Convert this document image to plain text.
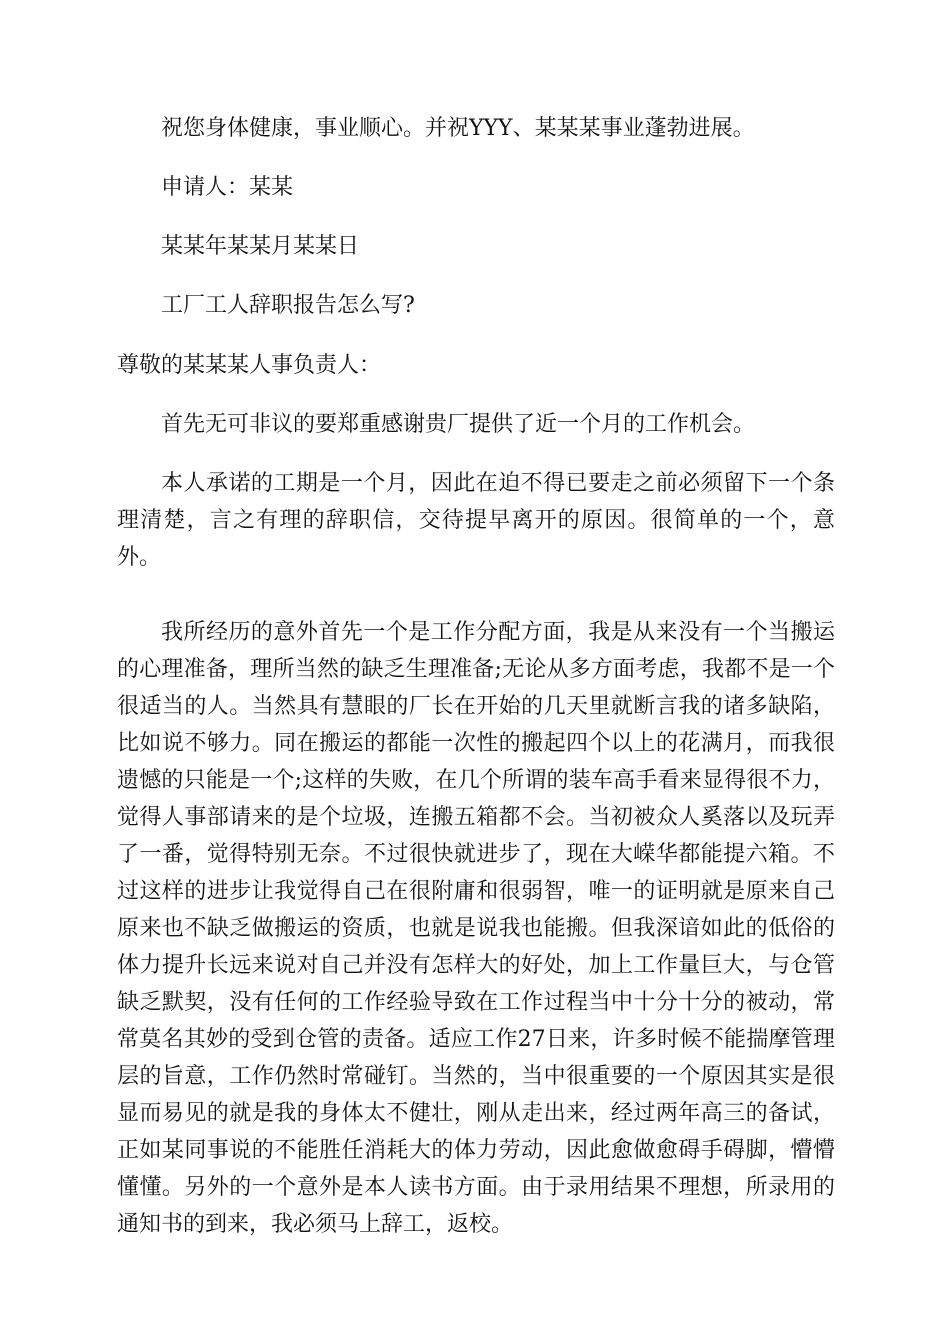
祝您身体健康，事业顺心。并祝YYY、某某某事业蓬勃进展。

申请人：某某

某某年某某月某某日

工厂工人辞职报告怎么写?

尊敬的某某某人事负责人：

首先无可非议的要郑重感谢贵厂提供了近一个月的工作机会。

本人承诺的工期是一个月，因此在迫不得已要走之前必须留下一个条理清楚，言之有理的辞职信，交待提早离开的原因。很简单的一个，意外。

我所经历的意外首先一个是工作分配方面，我是从来没有一个当搬运的心理准备，理所当然的缺乏生理准备;无论从多方面考虑，我都不是一个很适当的人。当然具有慧眼的厂长在开始的几天里就断言我的诸多缺陷，比如说不够力。同在搬运的都能一次性的搬起四个以上的花满月，而我很遗憾的只能是一个;这样的失败，在几个所谓的装车高手看来显得很不力，觉得人事部请来的是个垃圾，连搬五箱都不会。当初被众人奚落以及玩弄了一番，觉得特别无奈。不过很快就进步了，现在大嵘华都能提六箱。不过这样的进步让我觉得自己在很附庸和很弱智，唯一的证明就是原来自己原来也不缺乏做搬运的资质，也就是说我也能搬。但我深谙如此的低俗的体力提升长远来说对自己并没有怎样大的好处，加上工作量巨大，与仓管缺乏默契，没有任何的工作经验导致在工作过程当中十分十分的被动，常常莫名其妙的受到仓管的责备。适应工作27日来，许多时候不能揣摩管理层的旨意，工作仍然时常碰钉。当然的，当中很重要的一个原因其实是很显而易见的就是我的身体太不健壮，刚从走出来，经过两年高三的备试，正如某同事说的不能胜任消耗大的体力劳动，因此愈做愈碍手碍脚，懵懵懂懂。另外的一个意外是本人读书方面。由于录用结果不理想，所录用的通知书的到来，我必须马上辞工，返校。
